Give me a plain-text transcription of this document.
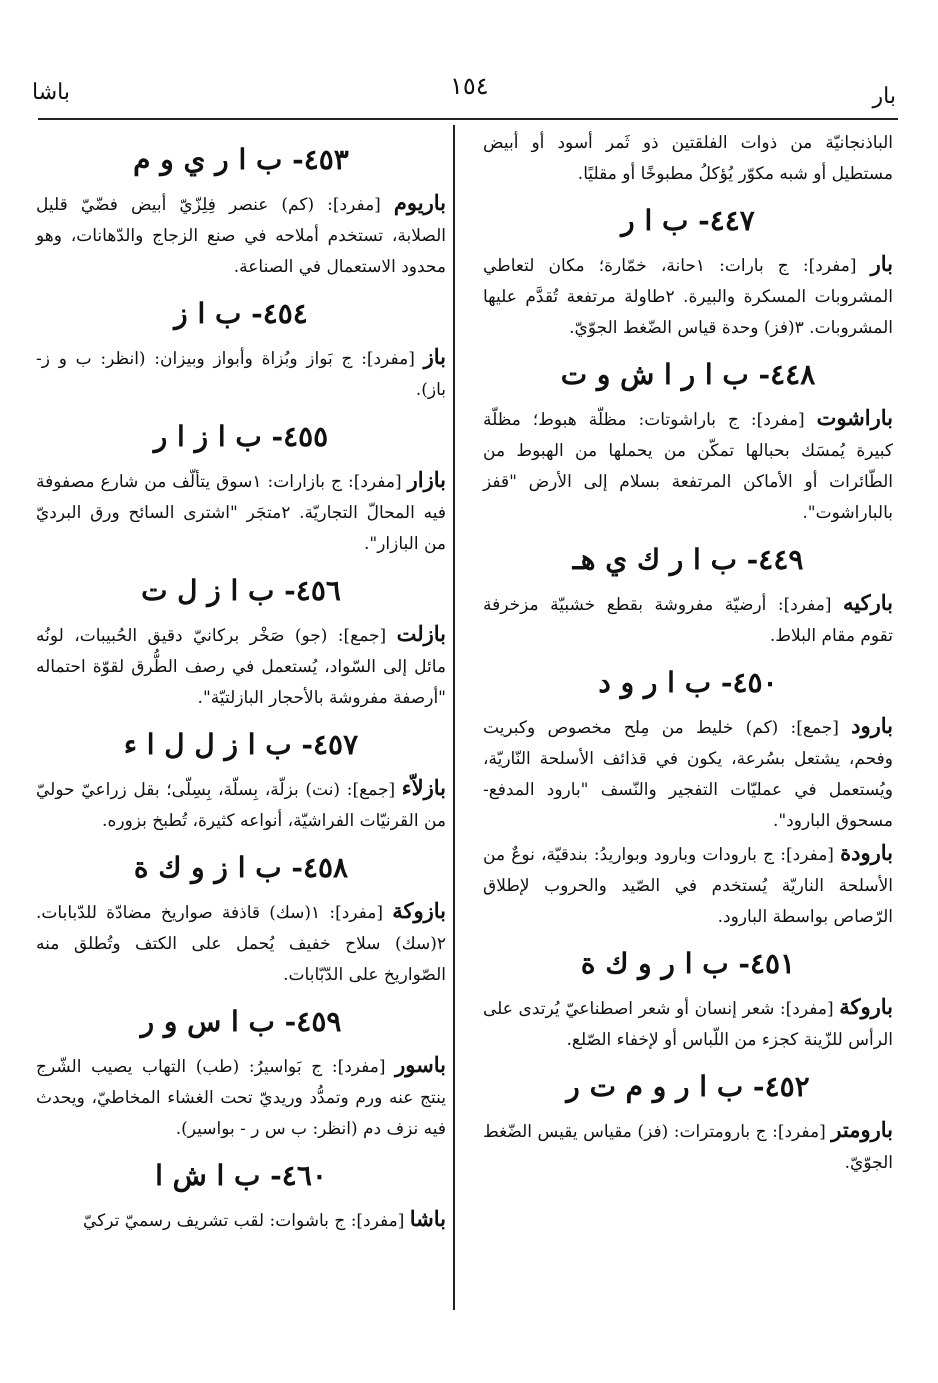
بار
١٥٤
باشا

الباذنجانيّة من ذوات الفلقتين ذو ثَمر أسود أو أبيض مستطيل أو شبه مكوّر يُؤكلُ مطبوخًا أو مقليًا.

٤٤٧- ب ا ر

بار [مفرد]: ج بارات: ١حانة، خمّارة؛ مكان لتعاطي المشروبات المسكرة والبيرة. ٢طاولة مرتفعة تُقدَّم عليها المشروبات. ٣(فز) وحدة قياس الضّغط الجوّيّ.

٤٤٨- ب ا ر ا ش و ت

باراشوت [مفرد]: ج باراشوتات: مظلّة هبوط؛ مظلّة كبيرة يُمسَك بحبالها تمكّن من يحملها من الهبوط من الطّائرات أو الأماكن المرتفعة بسلام إلى الأرض "قفز بالباراشوت".

٤٤٩- ب ا ر ك ي هـ

باركيه [مفرد]: أرضيّة مفروشة بقطع خشبيّة مزخرفة تقوم مقام البلاط.

٤٥٠- ب ا ر و د

بارود [جمع]: (كم) خليط من مِلح مخصوص وكبريت وفحم، يشتعل بسُرعة، يكون في قذائف الأسلحة النّاريّة، ويُستعمل في عمليّات التفجير والنّسف "بارود المدفع- مسحوق البارود".

بارودة [مفرد]: ج بارودات وبارود وبواريدُ: بندقيّة، نوعٌ من الأسلحة الناريّة يُستخدم في الصّيد والحروب لإطلاق الرّصاص بواسطة البارود.

٤٥١- ب ا ر و ك ة

باروكة [مفرد]: شعر إنسان أو شعر اصطناعيّ يُرتدى على الرأس للزّينة كجزء من اللّباس أو لإخفاء الصّلع.

٤٥٢- ب ا ر و م ت ر

بارومتر [مفرد]: ج بارومترات: (فز) مقياس يقيس الضّغط الجوّيّ.

٤٥٣- ب ا ر ي و م

باريوم [مفرد]: (كم) عنصر فِلِزّيّ أبيض فضّيّ قليل الصلابة، تستخدم أملاحه في صنع الزجاج والدّهانات، وهو محدود الاستعمال في الصناعة.

٤٥٤- ب ا ز

باز [مفرد]: ج بَواز وبُزاة وأبواز وبيزان: (انظر: ب و ز- باز).

٤٥٥- ب ا ز ا ر

بازار [مفرد]: ج بازارات: ١سوق يتألّف من شارع مصفوفة فيه المحالّ التجاريّة. ٢متجَر "اشترى السائح ورق البرديّ من البازار".

٤٥٦- ب ا ز ل ت

بازلت [جمع]: (جو) صَخْر بركانيّ دقيق الحُبيبات، لونُه مائل إلى السّواد، يُستعمل في رصف الطُّرق لقوّة احتماله "أرصفة مفروشة بالأحجار البازلتيّة".

٤٥٧- ب ا ز ل ل ا ء

بازلاّء [جمع]: (نت) بزلّة، بِسلّة، بِسِلّى؛ بقل زراعيّ حوليّ من القرنيّات الفراشيّة، أنواعه كثيرة، تُطبخ بزوره.

٤٥٨- ب ا ز و ك ة

بازوكة [مفرد]: ١(سك) قاذفة صواريخ مضادّة للدّبابات. ٢(سك) سلاح خفيف يُحمل على الكتف وتُطلق منه الصّواريخ على الدّبّابات.

٤٥٩- ب ا س و ر

باسور [مفرد]: ج بَواسيرُ: (طب) التهاب يصيب الشّرج ينتج عنه ورم وتمدُّد وريديّ تحت الغشاء المخاطيّ، ويحدث فيه نزف دم (انظر: ب س ر - بواسير).

٤٦٠- ب ا ش ا

باشا [مفرد]: ج باشوات: لقب تشريف رسميّ تركيّ
